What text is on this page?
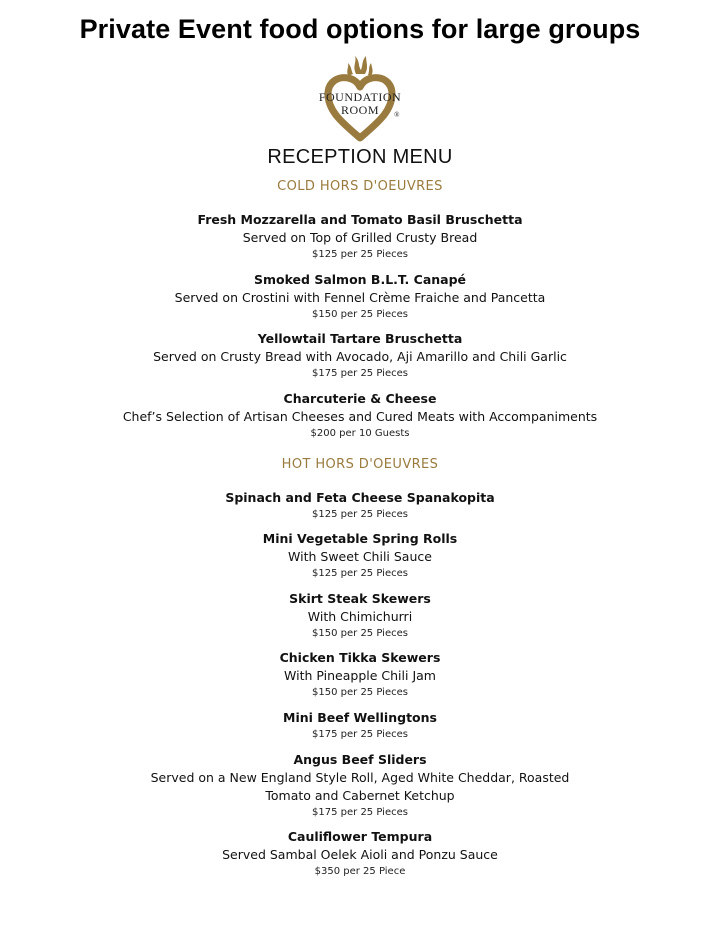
Private Event food options for large groups
FOUNDATION
ROOM	®
RECEPTION MENU
COLD HORS D'OEUVRES
Fresh Mozzarella and Tomato Basil Bruschetta
Served on Top of Grilled Crusty Bread
$125 per 25 Pieces
Smoked Salmon B.L.T. Canapé
Served on Crostini with Fennel Crème Fraiche and Pancetta
$150 per 25 Pieces
Yellowtail Tartare Bruschetta
Served on Crusty Bread with Avocado, Aji Amarillo and Chili Garlic
$175 per 25 Pieces
Charcuterie & Cheese
Chef’s Selection of Artisan Cheeses and Cured Meats with Accompaniments
$200 per 10 Guests
HOT HORS D'OEUVRES
Spinach and Feta Cheese Spanakopita
$125 per 25 Pieces
Mini Vegetable Spring Rolls
With Sweet Chili Sauce
$125 per 25 Pieces
Skirt Steak Skewers
With Chimichurri
$150 per 25 Pieces
Chicken Tikka Skewers
With Pineapple Chili Jam
$150 per 25 Pieces
Mini Beef Wellingtons
$175 per 25 Pieces
Angus Beef Sliders
Served on a New England Style Roll, Aged White Cheddar, Roasted Tomato and Cabernet Ketchup
$175 per 25 Pieces
Cauliflower Tempura
Served Sambal Oelek Aioli and Ponzu Sauce
$350 per 25 Piece
